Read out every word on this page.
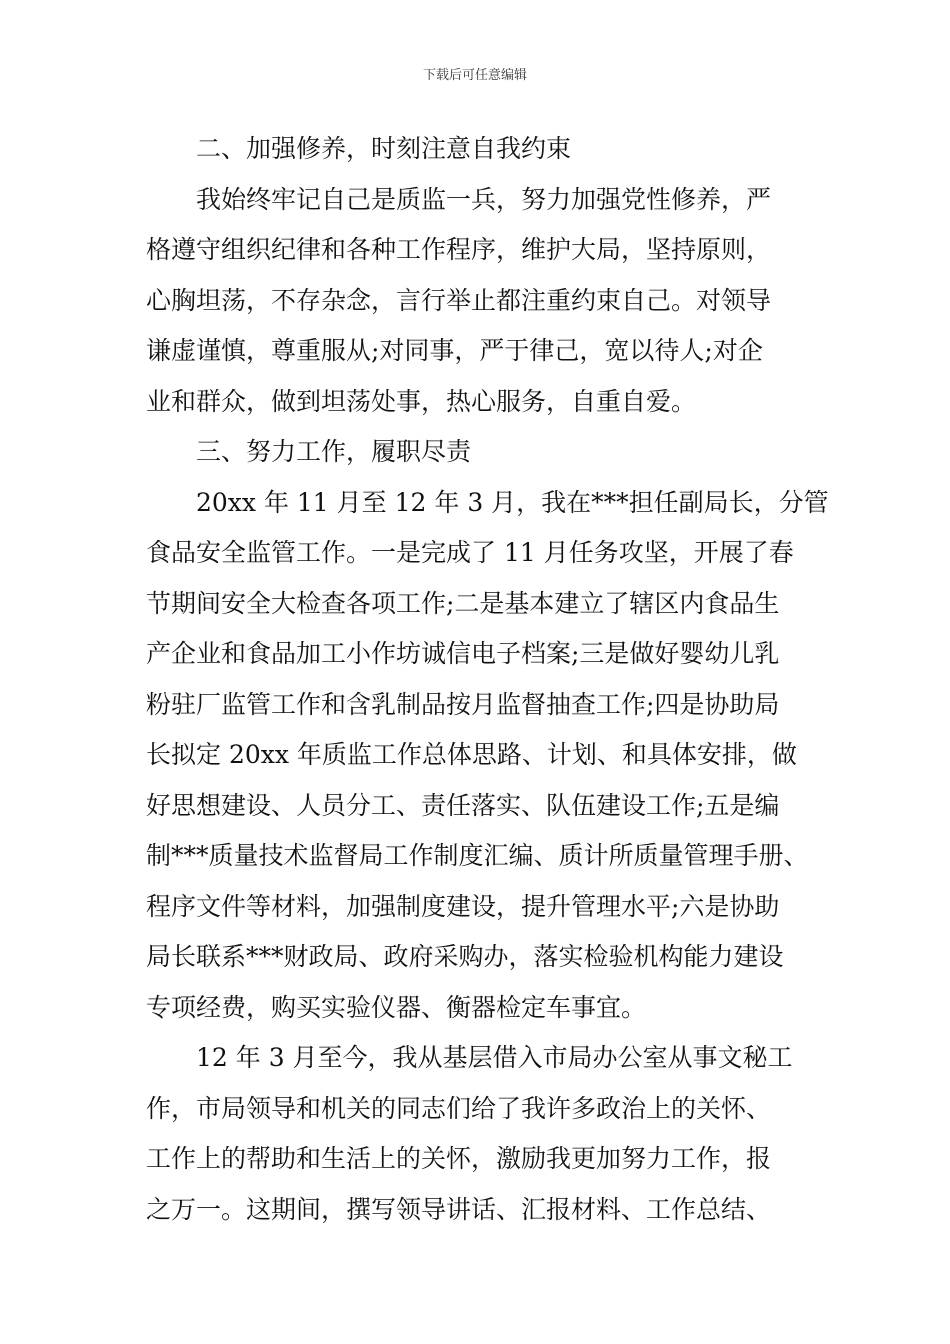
下载后可任意编辑

二、加强修养，时刻注意自我约束

我始终牢记自己是质监一兵，努力加强党性修养，严
格遵守组织纪律和各种工作程序，维护大局，坚持原则，
心胸坦荡，不存杂念，言行举止都注重约束自己。对领导
谦虚谨慎，尊重服从;对同事，严于律己，宽以待人;对企
业和群众，做到坦荡处事，热心服务，自重自爱。

三、努力工作，履职尽责

20xx 年 11 月至 12 年 3 月，我在***担任副局长，分管
食品安全监管工作。一是完成了 11 月任务攻坚，开展了春
节期间安全大检查各项工作;二是基本建立了辖区内食品生
产企业和食品加工小作坊诚信电子档案;三是做好婴幼儿乳
粉驻厂监管工作和含乳制品按月监督抽查工作;四是协助局
长拟定 20xx 年质监工作总体思路、计划、和具体安排，做
好思想建设、人员分工、责任落实、队伍建设工作;五是编
制***质量技术监督局工作制度汇编、质计所质量管理手册、
程序文件等材料，加强制度建设，提升管理水平;六是协助
局长联系***财政局、政府采购办，落实检验机构能力建设
专项经费，购买实验仪器、衡器检定车事宜。

12 年 3 月至今，我从基层借入市局办公室从事文秘工
作，市局领导和机关的同志们给了我许多政治上的关怀、
工作上的帮助和生活上的关怀，激励我更加努力工作，报
之万一。这期间，撰写领导讲话、汇报材料、工作总结、
